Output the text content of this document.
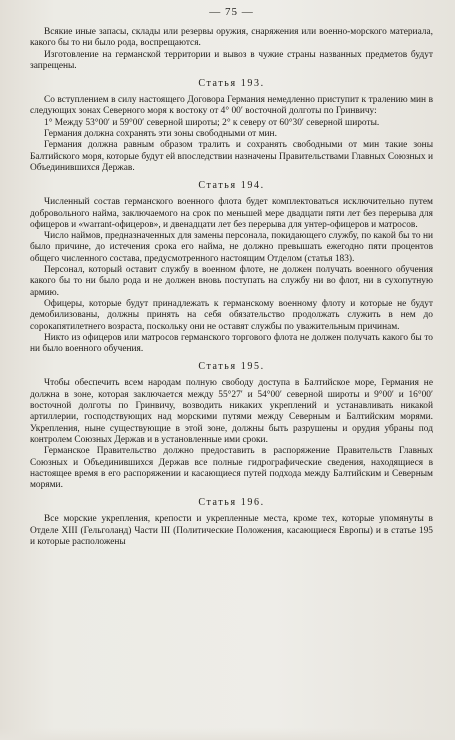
— 75 —

Всякие иные запасы, склады или резервы оружия, снаряжения или военно-морского материала, какого бы то ни было рода, воспрещаются.

Изготовление на германской территории и вывоз в чужие страны названных предметов будут запрещены.

Статья 193.

Со вступлением в силу настоящего Договора Германия немедленно приступит к тралению мин в следующих зонах Северного моря к востоку от 4° 00′ восточной долготы по Гринвичу:

1° Между 53°00′ и 59°00′ северной широты; 2° к северу от 60°30′ северной широты.

Германия должна сохранять эти зоны свободными от мин.

Германия должна равным образом тралить и сохранять свободными от мин такие зоны Балтийского моря, которые будут ей впоследствии назначены Правительствами Главных Союзных и Объединившихся Держав.

Статья 194.

Численный состав германского военного флота будет комплектоваться исключительно путем добровольного найма, заключаемого на срок по меньшей мере двадцати пяти лет без перерыва для офицеров и «warrant-офицеров», и двенадцати лет без перерыва для унтер-офицеров и матросов.

Число наймов, предназначенных для замены персонала, покидающего службу, по какой бы то ни было причине, до истечения срока его найма, не должно превышать ежегодно пяти процентов общего численного состава, предусмотренного настоящим Отделом (статья 183).

Персонал, который оставит службу в военном флоте, не должен получать военного обучения какого бы то ни было рода и не должен вновь поступать на службу ни во флот, ни в сухопутную армию.

Офицеры, которые будут принадлежать к германскому военному флоту и которые не будут демобилизованы, должны принять на себя обязательство продолжать служить в нем до сорокапятилетнего возраста, поскольку они не оставят службы по уважительным причинам.

Никто из офицеров или матросов германского торгового флота не должен получать какого бы то ни было военного обучения.

Статья 195.

Чтобы обеспечить всем народам полную свободу доступа в Балтийское море, Германия не должна в зоне, которая заключается между 55°27′ и 54°00′ северной широты и 9°00′ и 16°00′ восточной долготы по Гринвичу, возводить никаких укреплений и устанавливать никакой артиллерии, господствующих над морскими путями между Северным и Балтийским морями. Укрепления, ныне существующие в этой зоне, должны быть разрушены и орудия убраны под контролем Союзных Держав и в установленные ими сроки.

Германское Правительство должно предоставить в распоряжение Правительств Главных Союзных и Объединившихся Держав все полные гидрографические сведения, находящиеся в настоящее время в его распоряжении и касающиеся путей подхода между Балтийским и Северным морями.

Статья 196.

Все морские укрепления, крепости и укрепленные места, кроме тех, которые упомянуты в Отделе XIII (Гельголанд) Части III (Политические Положения, касающиеся Европы) и в статье 195 и которые расположены
